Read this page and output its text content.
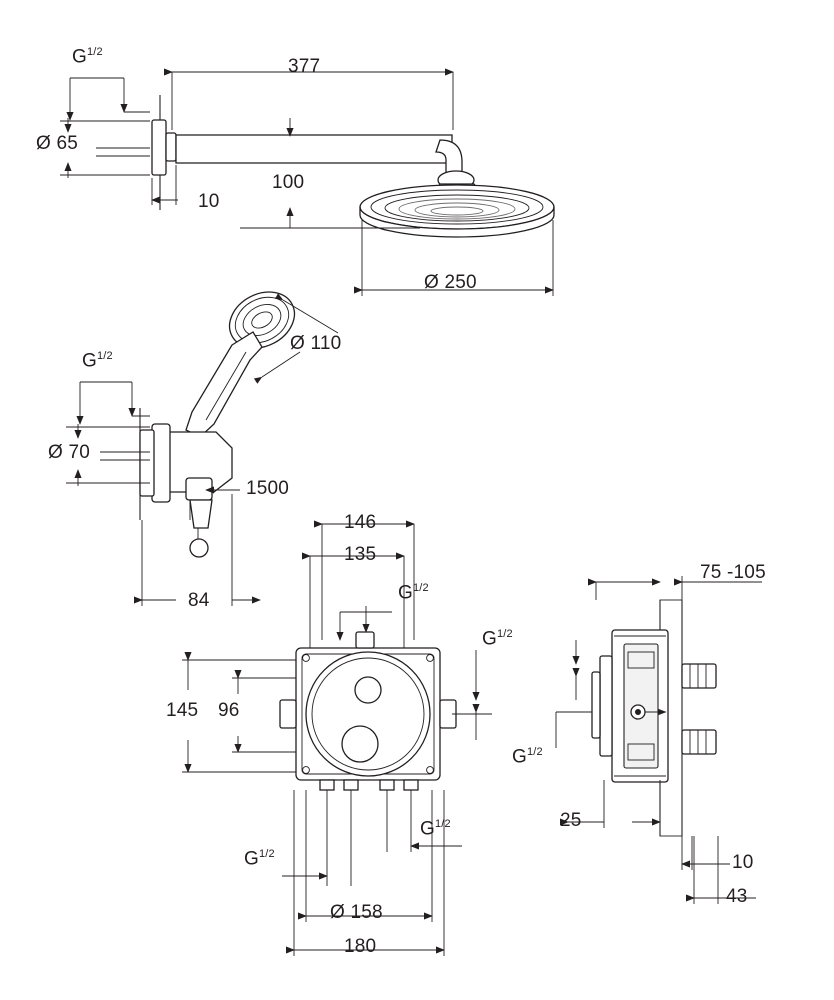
$G^{1/2}$
377
Ø 65
100
10
Ø 250
Ø 110
$G^{1/2}$
Ø 70
1500
84
146
135
$G^{1/2}$
$G^{1/2}$
145 96
$G^{1/2}$
$G^{1/2}$
Ø 158
180
75 -105
$G^{1/2}$
25
10
43
